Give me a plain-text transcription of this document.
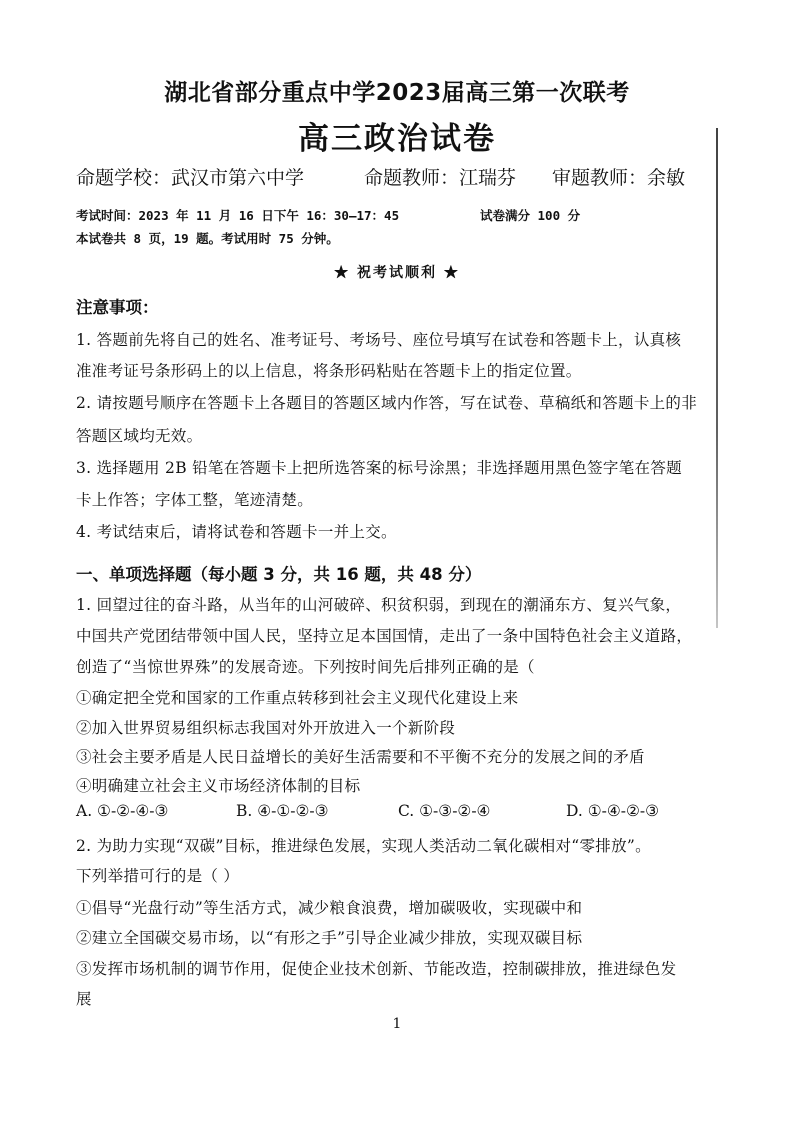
湖北省部分重点中学2023届高三第一次联考
高三政治试卷
命题学校：武汉市第六中学	命题教师：江瑞芬 审题教师：余敏
考试时间：2023 年 11 月 16 日下午 16：30—17：45	试卷满分 100 分
本试卷共 8 页，19 题。考试用时 75 分钟。
★ 祝考试顺利 ★
注意事项：
1. 答题前先将自己的姓名、准考证号、考场号、座位号填写在试卷和答题卡上，认真核
准准考证号条形码上的以上信息，将条形码粘贴在答题卡上的指定位置。
2. 请按题号顺序在答题卡上各题目的答题区域内作答，写在试卷、草稿纸和答题卡上的非
答题区域均无效。
3. 选择题用 2B 铅笔在答题卡上把所选答案的标号涂黑；非选择题用黑色签字笔在答题
卡上作答；字体工整，笔迹清楚。
4. 考试结束后，请将试卷和答题卡一并上交。
一、单项选择题（每小题 3 分，共 16 题，共 48 分）
1. 回望过往的奋斗路，从当年的山河破碎、积贫积弱，到现在的潮涌东方、复兴气象，
中国共产党团结带领中国人民，坚持立足本国国情，走出了一条中国特色社会主义道路，
创造了“当惊世界殊”的发展奇迹。下列按时间先后排列正确的是（
①确定把全党和国家的工作重点转移到社会主义现代化建设上来
②加入世界贸易组织标志我国对外开放进入一个新阶段
③社会主要矛盾是人民日益增长的美好生活需要和不平衡不充分的发展之间的矛盾
④明确建立社会主义市场经济体制的目标
A. ①-②-④-③	B. ④-①-②-③	C. ①-③-②-④	D. ①-④-②-③
2. 为助力实现“双碳”目标，推进绿色发展，实现人类活动二氧化碳相对“零排放”。
下列举措可行的是（ ）
①倡导“光盘行动”等生活方式，减少粮食浪费，增加碳吸收，实现碳中和
②建立全国碳交易市场，以“有形之手”引导企业减少排放，实现双碳目标
③发挥市场机制的调节作用，促使企业技术创新、节能改造，控制碳排放，推进绿色发
展
1
